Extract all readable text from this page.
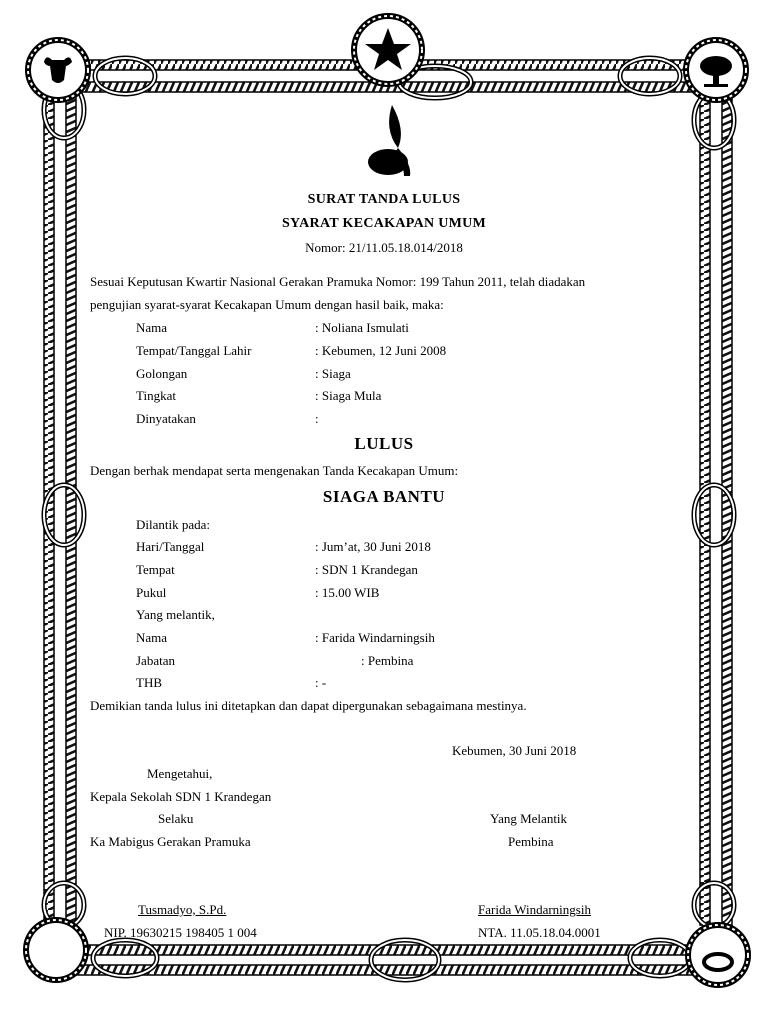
SURAT TANDA LULUS
SYARAT KECAKAPAN UMUM
Nomor: 21/11.05.18.014/2018
Sesuai Keputusan Kwartir Nasional Gerakan Pramuka Nomor: 199 Tahun 2011, telah diadakan
pengujian syarat-syarat Kecakapan Umum dengan hasil baik, maka:
Nama	: Noliana Ismulati
Tempat/Tanggal Lahir	: Kebumen, 12 Juni 2008
Golongan	: Siaga
Tingkat	: Siaga Mula
Dinyatakan	:
LULUS
Dengan berhak mendapat serta mengenakan Tanda Kecakapan Umum:
SIAGA BANTU
Dilantik pada:
Hari/Tanggal	: Jum’at, 30 Juni 2018
Tempat	: SDN 1 Krandegan
Pukul	: 15.00 WIB
Yang melantik,
Nama	: Farida Windarningsih
Jabatan	: Pembina
THB	: -
Demikian tanda lulus ini ditetapkan dan dapat dipergunakan sebagaimana mestinya.
Kebumen, 30 Juni 2018
Mengetahui,
Kepala Sekolah SDN 1 Krandegan
Selaku
Ka Mabigus Gerakan Pramuka
Tusmadyo, S.Pd.
NIP. 19630215 198405 1 004
Yang Melantik
Pembina
Farida Windarningsih
NTA. 11.05.18.04.0001
